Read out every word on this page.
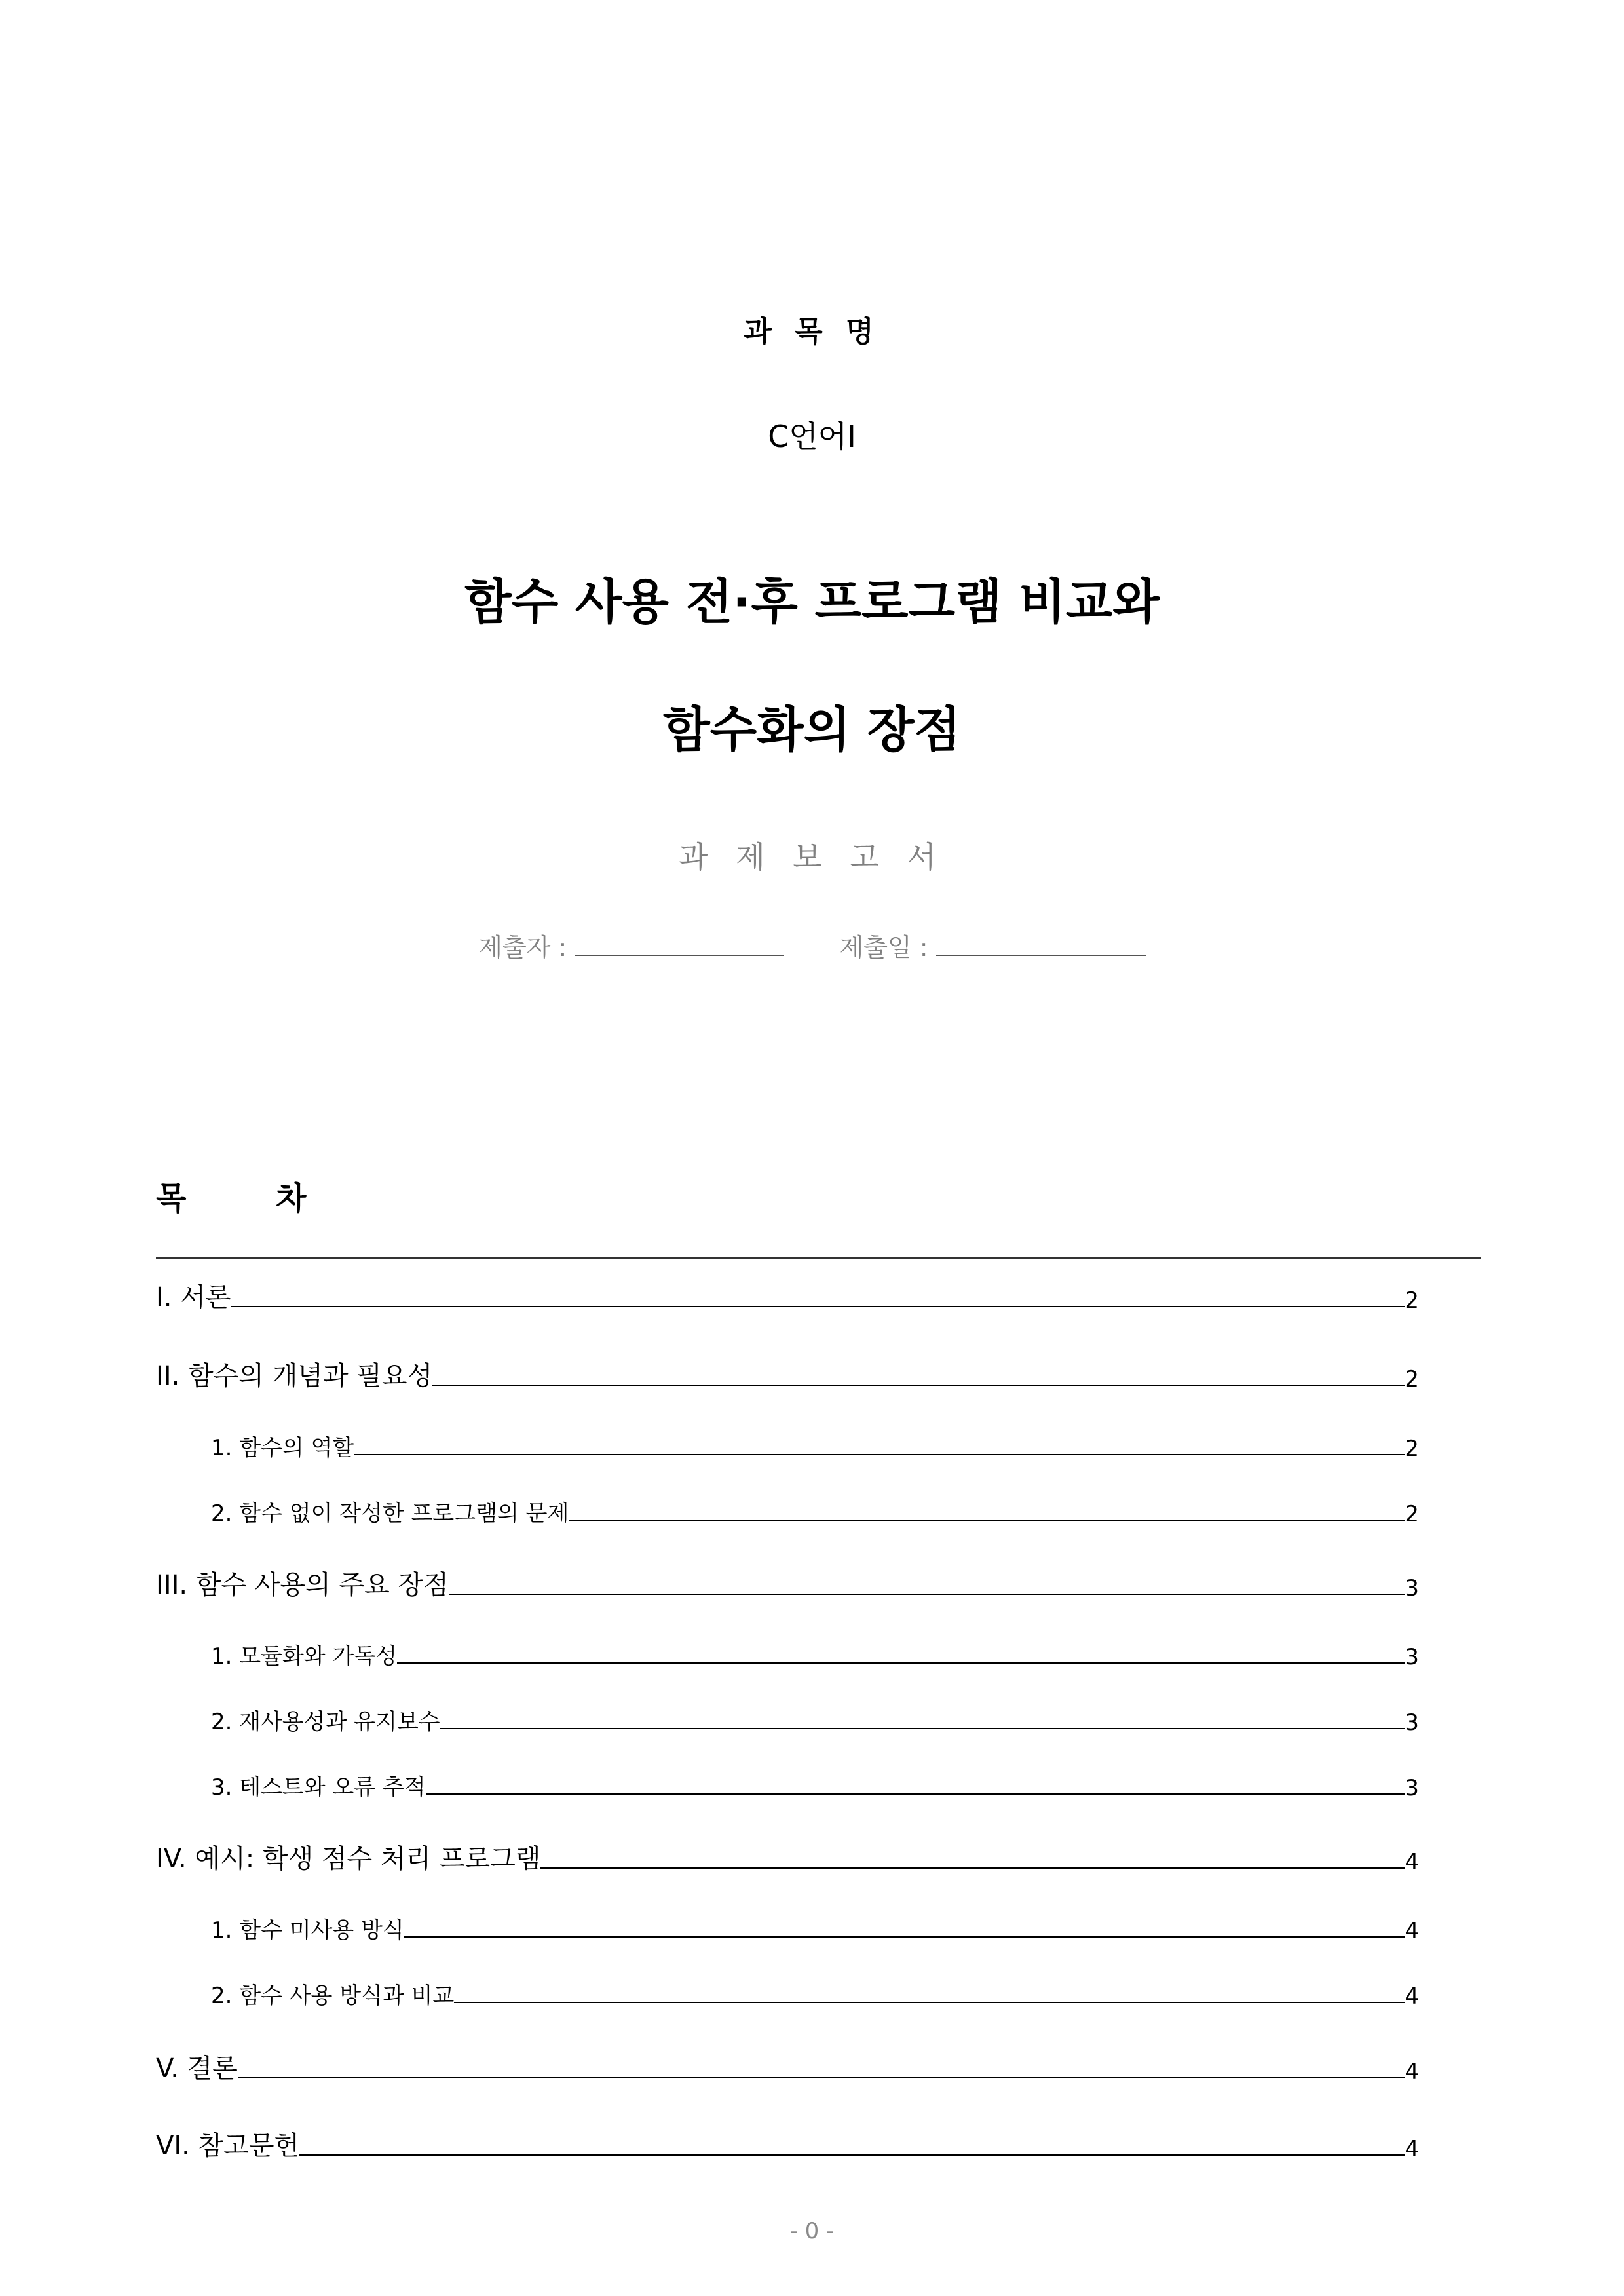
과 목 명
C언어I
함수 사용 전·후 프로그램 비교와
함수화의 장점
과 제 보 고 서
제출자 :	제출일 :
목 차
I. 서론	2
II. 함수의 개념과 필요성	2
1. 함수의 역할	2
2. 함수 없이 작성한 프로그램의 문제	2
III. 함수 사용의 주요 장점	3
1. 모듈화와 가독성	3
2. 재사용성과 유지보수	3
3. 테스트와 오류 추적	3
IV. 예시: 학생 점수 처리 프로그램	4
1. 함수 미사용 방식	4
2. 함수 사용 방식과 비교	4
V. 결론	4
VI. 참고문헌	4
- 0 -
